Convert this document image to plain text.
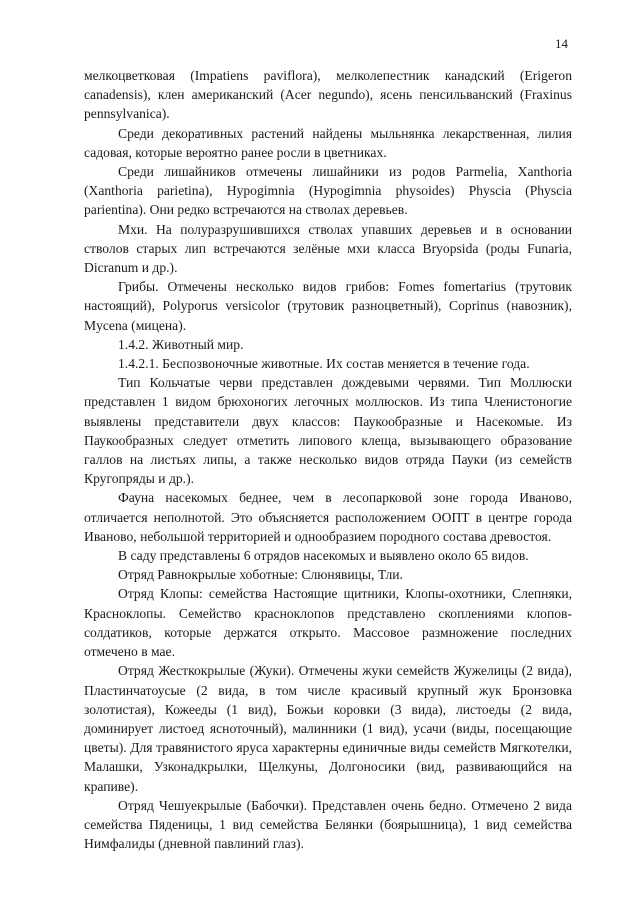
14

мелкоцветковая (Impatiens paviflora), мелколепестник канадский (Erigeron canadensis), клен американский (Acer negundo), ясень пенсильванский (Fraxinus pennsylvanica).

Среди декоративных растений найдены мыльнянка лекарственная, лилия садовая, которые вероятно ранее росли в цветниках.

Среди лишайников отмечены лишайники из родов Parmelia, Xanthoria (Xanthoria parietina), Hypogimnia (Hypogimnia physoides) Physcia (Physcia parientina). Они редко встречаются на стволах деревьев.

Мхи. На полуразрушившихся стволах упавших деревьев и в основании стволов старых лип встречаются зелёные мхи класса Bryopsida (роды Funaria, Dicranum и др.).

Грибы. Отмечены несколько видов грибов: Fomes fomertarius (трутовик настоящий), Polyporus versicolor (трутовик разноцветный), Coprinus (навозник), Mycena (мицена).

1.4.2. Животный мир.

1.4.2.1. Беспозвоночные животные. Их состав меняется в течение года.

Тип Кольчатые черви представлен дождевыми червями. Тип Моллюски представлен 1 видом брюхоногих легочных моллюсков. Из типа Членистоногие выявлены представители двух классов: Паукообразные и Насекомые. Из Паукообразных следует отметить липового клеща, вызывающего образование галлов на листьях липы, а также несколько видов отряда Пауки (из семейств Кругопряды и др.).

Фауна насекомых беднее, чем в лесопарковой зоне города Иваново, отличается неполнотой. Это объясняется расположением ООПТ в центре города Иваново, небольшой территорией и однообразием породного состава древостоя.

В саду представлены 6 отрядов насекомых и выявлено около 65 видов.

Отряд Равнокрылые хоботные: Слюнявицы, Тли.

Отряд Клопы: семейства Настоящие щитники, Клопы-охотники, Слепняки, Краснoклопы. Семейство красноклопов представлено скоплениями клопов-солдатиков, которые держатся открыто. Массовое размножение последних отмечено в мае.

Отряд Жесткокрылые (Жуки). Отмечены жуки семейств Жужелицы (2 вида), Пластинчатоусые (2 вида, в том числе красивый крупный жук Бронзовка золотистая), Кожееды (1 вид), Божьи коровки (3 вида), листоеды (2 вида, доминирует листоед ясноточный), малинники (1 вид), усачи (виды, посещающие цветы). Для травянистого яруса характерны единичные виды семейств Мягкотелки, Малашки, Узконадкрылки, Щелкуны, Долгоносики (вид, развивающийся на крапиве).

Отряд Чешуекрылые (Бабочки). Представлен очень бедно. Отмечено 2 вида семейства Пяденицы, 1 вид семейства Белянки (боярышница), 1 вид семейства Нимфалиды (дневной павлиний глаз).
